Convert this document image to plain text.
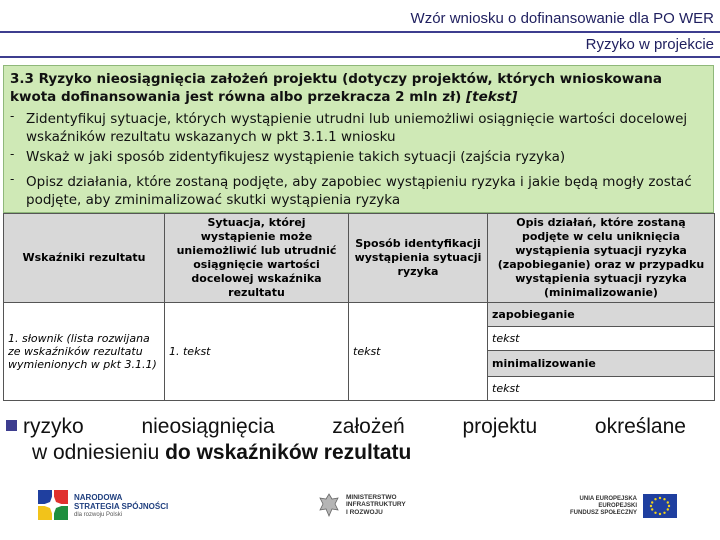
Wzór wniosku o dofinansowanie dla PO WER
Ryzyko w projekcie
3.3 Ryzyko nieosiągnięcia założeń projektu (dotyczy projektów, których wnioskowana kwota dofinansowania jest równa albo przekracza 2 mln zł) [tekst]
- Zidentyfikuj sytuacje, których wystąpienie utrudni lub uniemożliwi osiągnięcie wartości docelowej wskaźników rezultatu wskazanych w pkt 3.1.1 wniosku
- Wskaż w jaki sposób zidentyfikujesz wystąpienie takich sytuacji (zajścia ryzyka)
- Opisz działania, które zostaną podjęte, aby zapobiec wystąpieniu ryzyka i jakie będą mogły zostać podjęte, aby zminimalizować skutki wystąpienia ryzyka
Wskaźniki rezultatu	Sytuacja, której wystąpienie może uniemożliwić lub utrudnić osiągnięcie wartości docelowej wskaźnika rezultatu	Sposób identyfikacji wystąpienia sytuacji ryzyka	Opis działań, które zostaną podjęte w celu uniknięcia wystąpienia sytuacji ryzyka (zapobieganie) oraz w przypadku wystąpienia sytuacji ryzyka (minimalizowanie)
1. słownik (lista rozwijana ze wskaźników rezultatu wymienionych w pkt 3.1.1)	1. tekst	tekst	zapobieganie
			tekst
			minimalizowanie
			tekst
ryzyko	nieosiągnięcia	założeń	projektu	określane
w odniesieniu do wskaźników rezultatu
NARODOWA
STRATEGIA SPÓJNOŚCI
dla rozwoju Polski
MINISTERSTWO
INFRASTRUKTURY
I ROZWOJU
UNIA EUROPEJSKA
EUROPEJSKI
FUNDUSZ SPOŁECZNY
